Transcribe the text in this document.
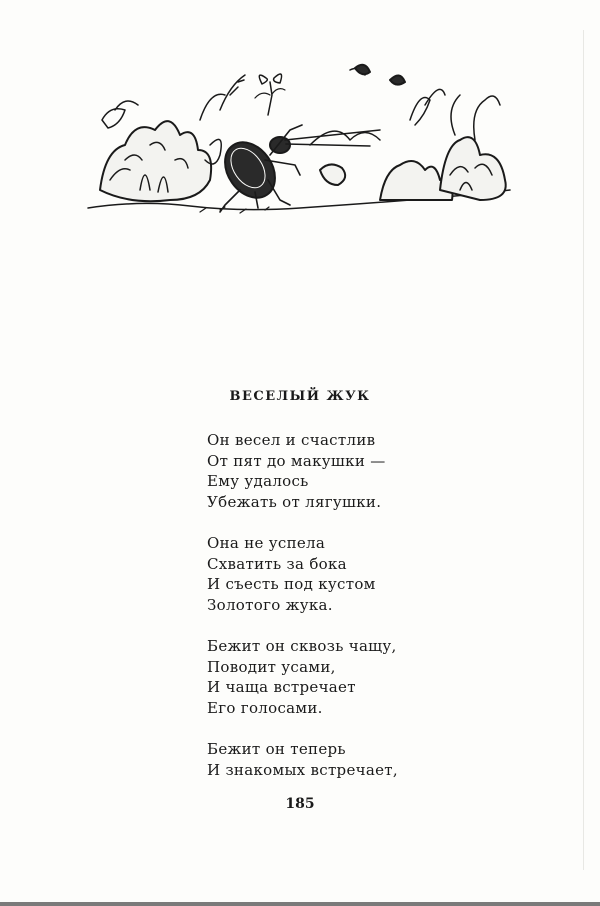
ВЕСЕЛЫЙ ЖУК
Он весел и счастлив
От пят до макушки —
Ему удалось
Убежать от лягушки.
Она не успела
Схватить за бока
И съесть под кустом
Золотого жука.
Бежит он сквозь чащу,
Поводит усами,
И чаща встречает
Его голосами.
Бежит он теперь
И знакомых встречает,
185
